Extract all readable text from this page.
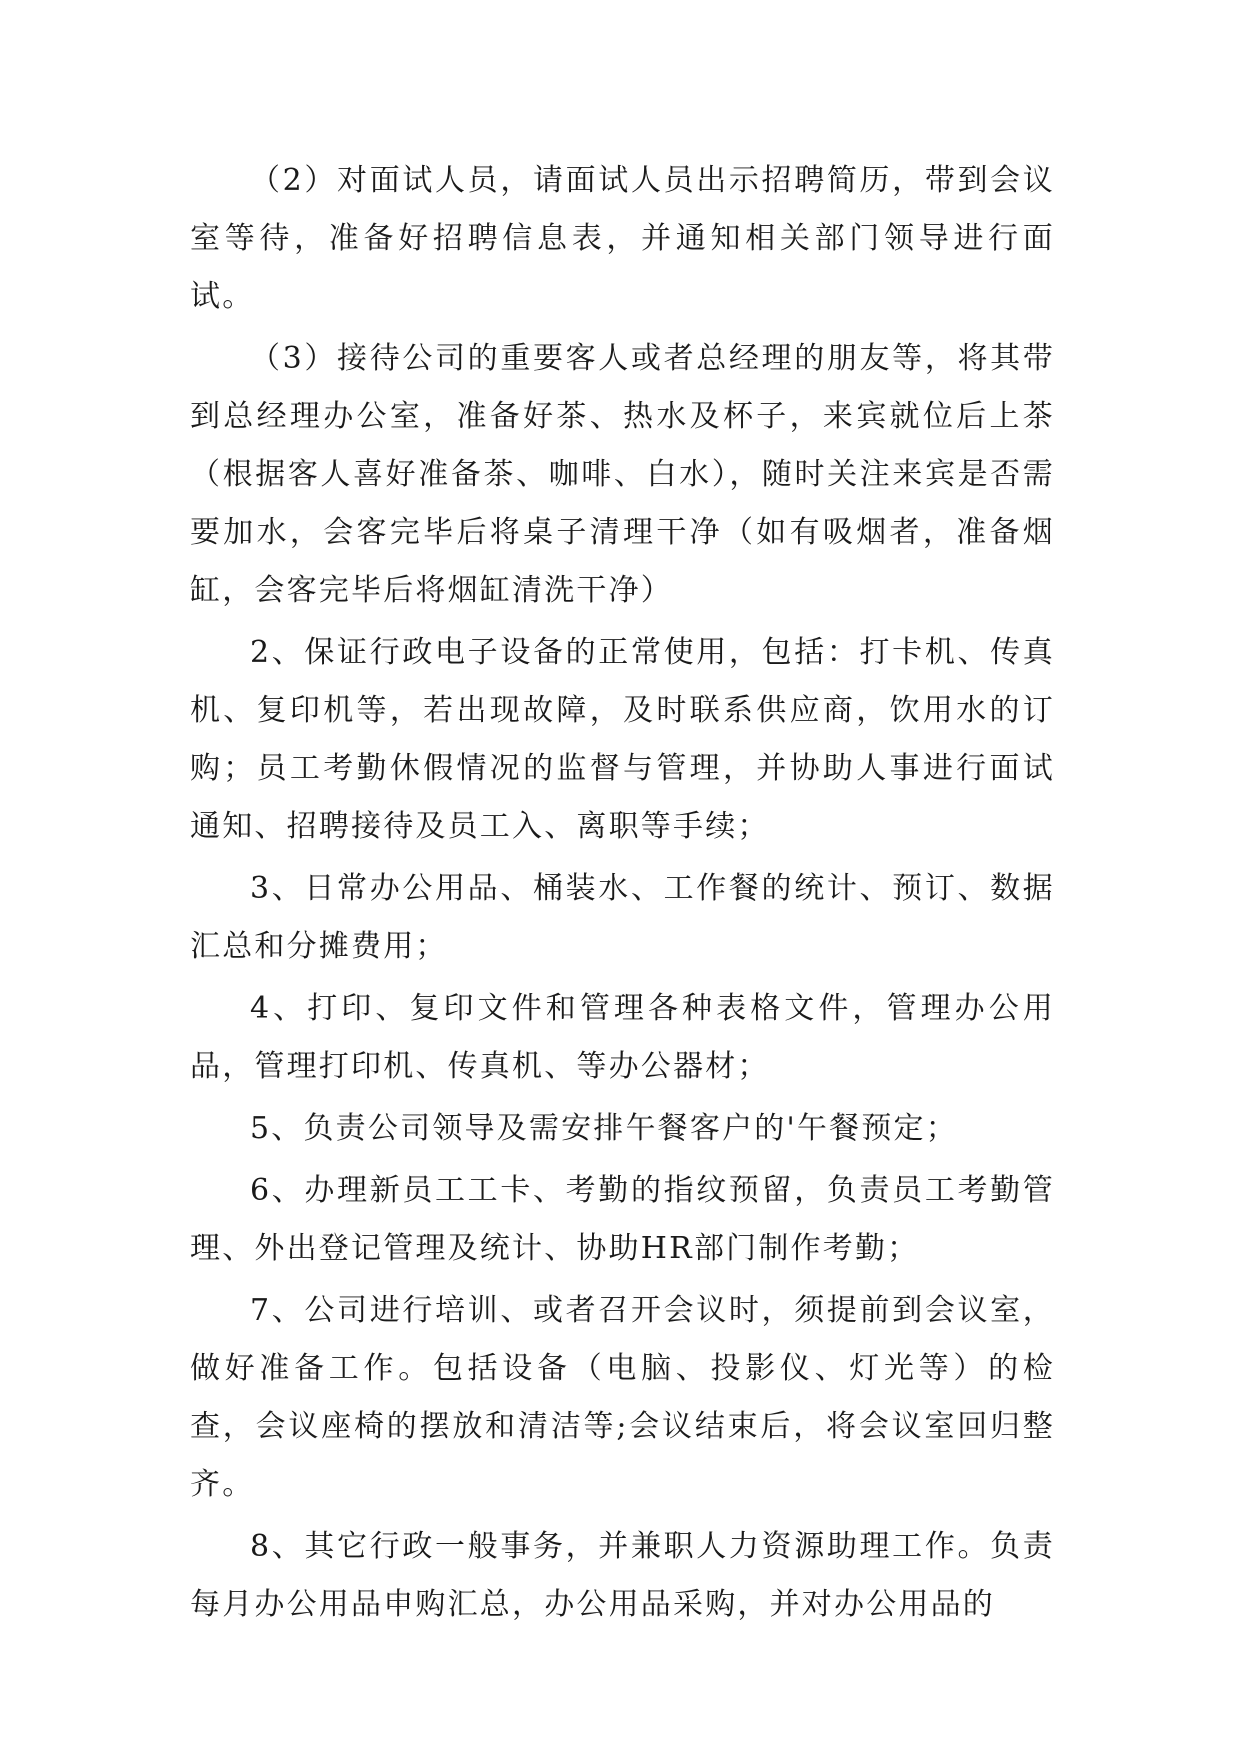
（2）对面试人员，请面试人员出示招聘简历，带到会议室等待，准备好招聘信息表，并通知相关部门领导进行面试。

（3）接待公司的重要客人或者总经理的朋友等，将其带到总经理办公室，准备好茶、热水及杯子，来宾就位后上茶（根据客人喜好准备茶、咖啡、白水），随时关注来宾是否需要加水，会客完毕后将桌子清理干净（如有吸烟者，准备烟缸，会客完毕后将烟缸清洗干净）

2、保证行政电子设备的正常使用，包括：打卡机、传真机、复印机等，若出现故障，及时联系供应商，饮用水的订购；员工考勤休假情况的监督与管理，并协助人事进行面试通知、招聘接待及员工入、离职等手续；

3、日常办公用品、桶装水、工作餐的统计、预订、数据汇总和分摊费用；

4、打印、复印文件和管理各种表格文件，管理办公用品，管理打印机、传真机、等办公器材；

5、负责公司领导及需安排午餐客户的'午餐预定；

6、办理新员工工卡、考勤的指纹预留，负责员工考勤管理、外出登记管理及统计、协助HR部门制作考勤；

7、公司进行培训、或者召开会议时，须提前到会议室，做好准备工作。包括设备（电脑、投影仪、灯光等）的检查，会议座椅的摆放和清洁等;会议结束后，将会议室回归整齐。

8、其它行政一般事务，并兼职人力资源助理工作。负责每月办公用品申购汇总，办公用品采购，并对办公用品的
